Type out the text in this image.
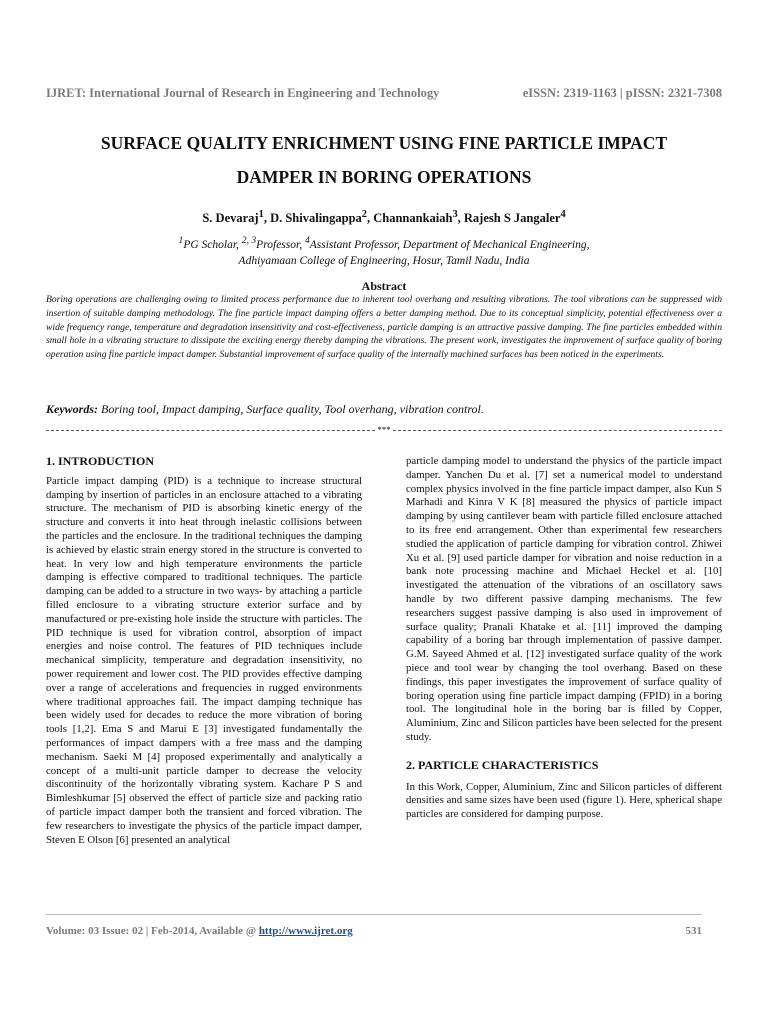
IJRET: International Journal of Research in Engineering and Technology	eISSN: 2319-1163 | pISSN: 2321-7308
SURFACE QUALITY ENRICHMENT USING FINE PARTICLE IMPACT
DAMPER IN BORING OPERATIONS
S. Devaraj$^1$, D. Shivalingappa$^2$, Channankaiah$^3$, Rajesh S Jangaler$^4$
$^1$PG Scholar, $^{2, 3}$Professor, $^4$Assistant Professor, Department of Mechanical Engineering,
Adhiyamaan College of Engineering, Hosur, Tamil Nadu, India
Abstract
Boring operations are challenging owing to limited process performance due to inherent tool overhang and resulting vibrations. The tool vibrations can be suppressed with insertion of suitable damping methodology. The fine particle impact damping offers a better damping method. Due to its conceptual simplicity, potential effectiveness over a wide frequency range, temperature and degradation insensitivity and cost-effectiveness, particle damping is an attractive passive damping. The fine particles embedded within small hole in a vibrating structure to dissipate the exciting energy thereby damping the vibrations. The present work, investigates the improvement of surface quality of boring operation using fine particle impact damper. Substantial improvement of surface quality of the internally machined surfaces has been noticed in the experiments.
Keywords: Boring tool, Impact damping, Surface quality, Tool overhang, vibration control.
***
1. INTRODUCTION

Particle impact damping (PID) is a technique to increase structural damping by insertion of particles in an enclosure attached to a vibrating structure. The mechanism of PID is absorbing kinetic energy of the structure and converts it into heat through inelastic collisions between the particles and the enclosure. In the traditional techniques the damping is achieved by elastic strain energy stored in the structure is converted to heat. In very low and high temperature environments the particle damping is effective compared to traditional techniques. The particle damping can be added to a structure in two ways- by attaching a particle filled enclosure to a vibrating structure exterior surface and by manufactured or pre-existing hole inside the structure with particles. The PID technique is used for vibration control, absorption of impact energies and noise control. The features of PID techniques include mechanical simplicity, temperature and degradation insensitivity, no power requirement and lower cost. The PID provides effective damping over a range of accelerations and frequencies in rugged environments where traditional approaches fail. The impact damping technique has been widely used for decades to reduce the more vibration of boring tools [1,2]. Ema S and Marui E [3] investigated fundamentally the performances of impact dampers with a free mass and the damping mechanism. Saeki M [4] proposed experimentally and analytically a concept of a multi-unit particle damper to decrease the velocity discontinuity of the horizontally vibrating system. Kachare P S and Bimleshkumar [5] observed the effect of particle size and packing ratio of particle impact damper both the transient and forced vibration. The few researchers to investigate the physics of the particle impact damper, Steven E Olson [6] presented an analytical

particle damping model to understand the physics of the particle impact damper. Yanchen Du et al. [7] set a numerical model to understand complex physics involved in the fine particle impact damper, also Kun S Marhadi and Kinra V K [8] measured the physics of particle impact damping by using cantilever beam with particle filled enclosure attached to its free end arrangement. Other than experimental few researchers studied the application of particle damping for vibration control. Zhiwei Xu et al. [9] used particle damper for vibration and noise reduction in a bank note processing machine and Michael Heckel et al. [10] investigated the attenuation of the vibrations of an oscillatory saws handle by two different passive damping mechanisms. The few researchers suggest passive damping is also used in improvement of surface quality; Pranali Khatake et al. [11] improved the damping capability of a boring bar through implementation of passive damper. G.M. Sayeed Ahmed et al. [12] investigated surface quality of the work piece and tool wear by changing the tool overhang. Based on these findings, this paper investigates the improvement of surface quality of boring operation using fine particle impact damping (FPID) in a boring tool. The longitudinal hole in the boring bar is filled by Copper, Aluminium, Zinc and Silicon particles have been selected for the present study.

2. PARTICLE CHARACTERISTICS

In this Work, Copper, Aluminium, Zinc and Silicon particles of different densities and same sizes have been used (figure 1). Here, spherical shape particles are considered for damping purpose.

Volume: 03 Issue: 02 | Feb-2014, Available @ http://www.ijret.org	531
